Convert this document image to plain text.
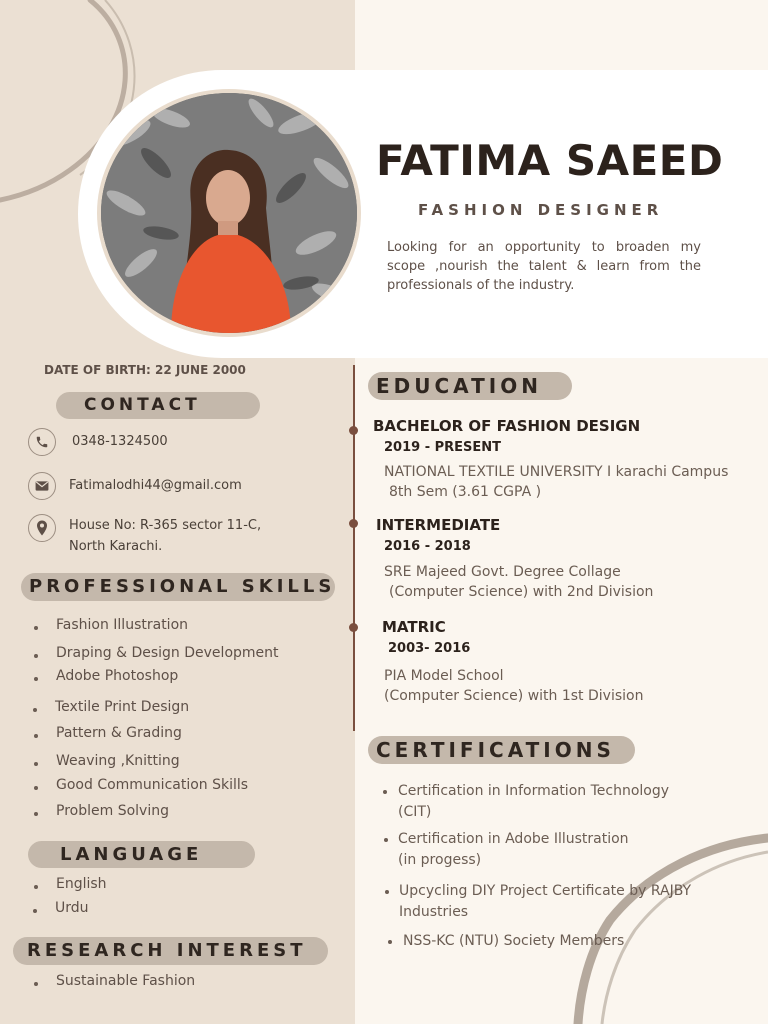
FATIMA SAEED
FASHION DESIGNER
Looking for an opportunity to broaden my scope ,nourish the talent & learn from the professionals of the industry.
DATE OF BIRTH: 22 JUNE 2000
CONTACT
0348-1324500
Fatimalodhi44@gmail.com
House No: R-365 sector 11-C,
North Karachi.
PROFESSIONAL SKILLS
Fashion Illustration
Draping & Design Development
Adobe Photoshop
Textile Print Design
Pattern & Grading
Weaving ,Knitting
Good Communication Skills
Problem Solving
LANGUAGE
English
Urdu
RESEARCH INTEREST
Sustainable Fashion
EDUCATION
BACHELOR OF FASHION DESIGN
2019 - PRESENT
NATIONAL TEXTILE UNIVERSITY I karachi Campus
8th Sem (3.61 CGPA )
INTERMEDIATE
2016 - 2018
SRE Majeed Govt. Degree Collage
(Computer Science) with 2nd Division
MATRIC
2003- 2016
PIA Model School
(Computer Science) with 1st Division
CERTIFICATIONS
Certification in Information Technology
(CIT)
Certification in Adobe Illustration
(in progess)
Upcycling DIY Project Certificate by RAJBY
Industries
NSS-KC (NTU) Society Members
